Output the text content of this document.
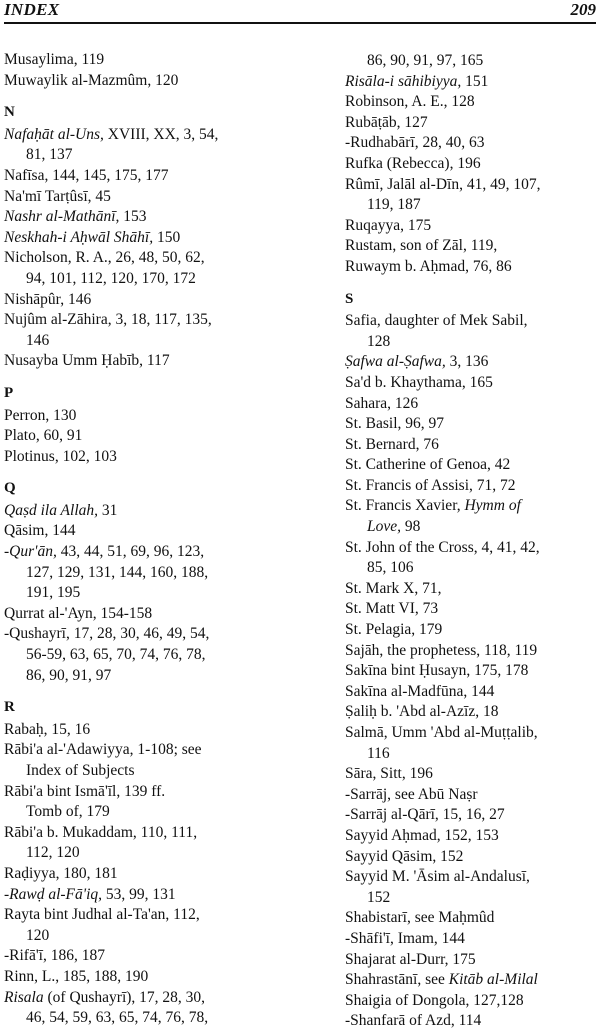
INDEX	209
Musaylima, 119
Muwaylik al-Mazmûm, 120
N
Nafaḥāt al-Uns, XVIII, XX, 3, 54,
81, 137
Nafīsa, 144, 145, 175, 177
Na'mī Tarṭûsī, 45
Nashr al-Mathānī, 153
Neskhah-i Aḥwāl Shāhī, 150
Nicholson, R. A., 26, 48, 50, 62,
94, 101, 112, 120, 170, 172
Nishāpûr, 146
Nujûm al-Zāhira, 3, 18, 117, 135,
146
Nusayba Umm Ḥabīb, 117
P
Perron, 130
Plato, 60, 91
Plotinus, 102, 103
Q
Qaṣd ila Allah, 31
Qāsim, 144
-Qur'ān, 43, 44, 51, 69, 96, 123,
127, 129, 131, 144, 160, 188,
191, 195
Qurrat al-'Ayn, 154-158
-Qushayrī, 17, 28, 30, 46, 49, 54,
56-59, 63, 65, 70, 74, 76, 78,
86, 90, 91, 97
R
Rabaḥ, 15, 16
Rābi'a al-'Adawiyya, 1-108; see
Index of Subjects
Rābi'a bint Ismā'īl, 139 ff.
Tomb of, 179
Rābi'a b. Mukaddam, 110, 111,
112, 120
Raḍiyya, 180, 181
-Rawḍ al-Fā'iq, 53, 99, 131
Rayta bint Judhal al-Ta'an, 112,
120
-Rifā'ī, 186, 187
Rinn, L., 185, 188, 190
Risala (of Qushayrī), 17, 28, 30,
46, 54, 59, 63, 65, 74, 76, 78,
86, 90, 91, 97, 165
Risāla-i sāhibiyya, 151
Robinson, A. E., 128
Rubāṭāb, 127
-Rudhabārī, 28, 40, 63
Rufka (Rebecca), 196
Rûmī, Jalāl al-Dīn, 41, 49, 107,
119, 187
Ruqayya, 175
Rustam, son of Zāl, 119,
Ruwaym b. Aḥmad, 76, 86
S
Safia, daughter of Mek Sabil,
128
Ṣafwa al-Ṣafwa, 3, 136
Sa'd b. Khaythama, 165
Sahara, 126
St. Basil, 96, 97
St. Bernard, 76
St. Catherine of Genoa, 42
St. Francis of Assisi, 71, 72
St. Francis Xavier, Hymm of
Love, 98
St. John of the Cross, 4, 41, 42,
85, 106
St. Mark X, 71,
St. Matt VI, 73
St. Pelagia, 179
Sajāh, the prophetess, 118, 119
Sakīna bint Ḥusayn, 175, 178
Sakīna al-Madfūna, 144
Ṣaliḥ b. 'Abd al-Azīz, 18
Salmā, Umm 'Abd al-Muṭṭalib,
116
Sāra, Sitt, 196
-Sarrāj, see Abū Naṣr
-Sarrāj al-Qārī, 15, 16, 27
Sayyid Aḥmad, 152, 153
Sayyid Qāsim, 152
Sayyid M. 'Āsim al-Andalusī,
152
Shabistarī, see Maḥmûd
-Shāfi'ī, Imam, 144
Shajarat al-Durr, 175
Shahrastānī, see Kitāb al-Milal
Shaigia of Dongola, 127,128
-Shanfarā of Azd, 114
